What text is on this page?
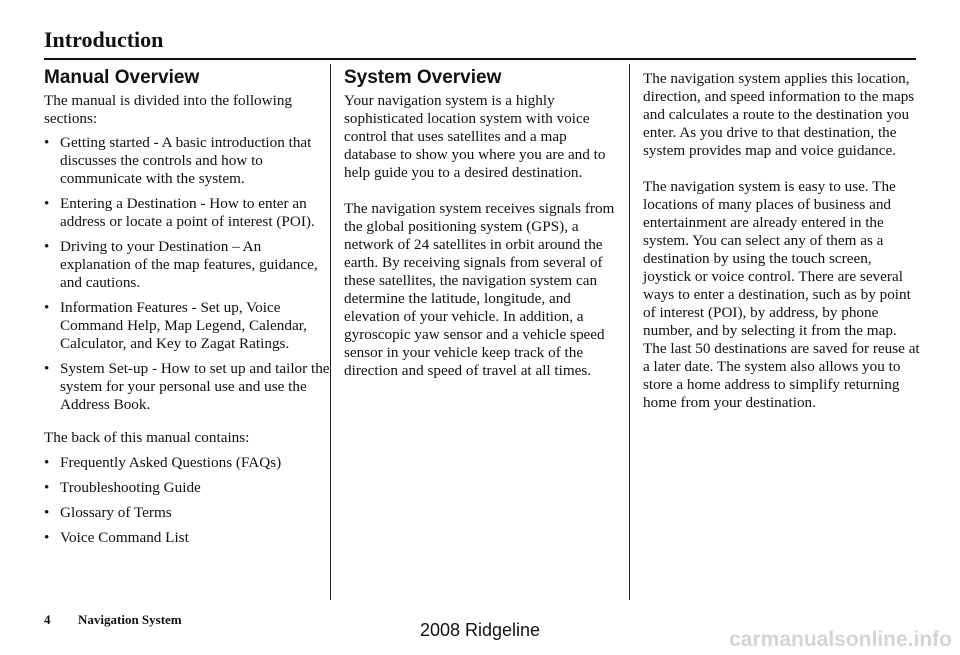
Introduction
Manual Overview

The manual is divided into the following sections:

• Getting started - A basic introduction that discusses the controls and how to communicate with the system.
• Entering a Destination - How to enter an address or locate a point of interest (POI).
• Driving to your Destination – An explanation of the map features, guidance, and cautions.
• Information Features - Set up, Voice Command Help, Map Legend, Calendar, Calculator, and Key to Zagat Ratings.
• System Set-up - How to set up and tailor the system for your personal use and use the Address Book.

The back of this manual contains:

• Frequently Asked Questions (FAQs)
• Troubleshooting Guide
• Glossary of Terms
• Voice Command List
System Overview

Your navigation system is a highly sophisticated location system with voice control that uses satellites and a map database to show you where you are and to help guide you to a desired destination.

The navigation system receives signals from the global positioning system (GPS), a network of 24 satellites in orbit around the earth. By receiving signals from several of these satellites, the navigation system can determine the latitude, longitude, and elevation of your vehicle. In addition, a gyroscopic yaw sensor and a vehicle speed sensor in your vehicle keep track of the direction and speed of travel at all times.

The navigation system applies this location, direction, and speed information to the maps and calculates a route to the destination you enter. As you drive to that destination, the system provides map and voice guidance.

The navigation system is easy to use. The locations of many places of business and entertainment are already entered in the system. You can select any of them as a destination by using the touch screen, joystick or voice control. There are several ways to enter a destination, such as by point of interest (POI), by address, by phone number, and by selecting it from the map. The last 50 destinations are saved for reuse at a later date. The system also allows you to store a home address to simplify returning home from your destination.

4 Navigation System
2008 Ridgeline	carmanualsonline.info
